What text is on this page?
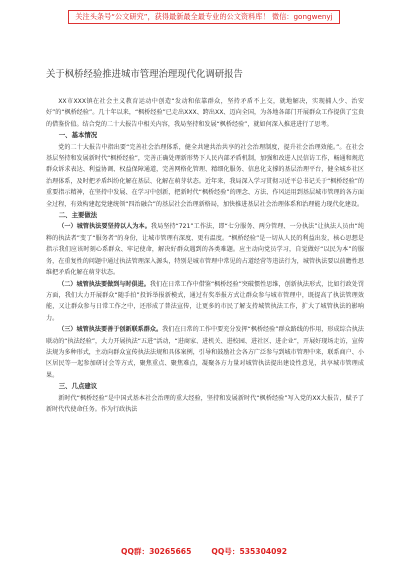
关注头条号“公文研究”，获得最新最全最专业的公文资料库！ 微信：gongwenyj
关于枫桥经验推进城市管理治理现代化调研报告

XX市XXX镇在社会主义教育运动中创造“发动和依靠群众，坚持矛盾不上交，就地解决，实现捕人少、治安好”的“枫桥经验”。几十年以来，“枫桥经验”已走出XXX、跨出XX、迈向全国，为各地各部门开展群众工作提供了宝贵的借鉴价值。结合党的二十大报告中相关内容，我局坚持和发展“枫桥经验”，就如何深入推进进行了思考。

一、基本情况

党的二十大报告中指出要“完善社会治理体系，健全共建共治共享的社会治理制度，提升社会治理效能。”。在社会基层坚持和发展新时代“枫桥经验”，完善正确处理新形势下人民内部矛盾机制，加强和改进人民信访工作，畅通和规范群众诉求表达、利益协调、权益保障通道，完善网格化管理、精细化服务、信息化支撑的基层治理平台，健全城乡社区治理体系，及时把矛盾纠纷化解在基层、化解在萌芽状态。近年来，我局深入学习贯彻习近平总书记关于“枫桥经验”的重要指示精神，在坚持中发展、在学习中创新，把新时代“枫桥经验”的理念、方法、作风运用到基层城市管理的各方面全过程，有效构建起党建统领“四治融合”的基层社会治理新格局，加快推进基层社会治理体系和治理能力现代化建设。

二、主要做法

（一）城管执法要坚持以人为本。我局坚持“721”工作法，即“七分服务、两分管理、一分执法”让执法人员由“纯粹的执法者”变了“服务者”的身份，让城市管理有深度、更有温度。“枫桥经验”是一切从人民的利益出发，核心思想是指示我们应该时刻心系群众、牢记使命，解决好群众遇到的各类难题。应主动向党员学习，自觉做好“以民为本”的服务，在重复性的问题中通过执法管理深入源头，特别是城市管理中常见的占道经营等违法行为，城管执法要以前瞻性思维把矛盾化解在萌芽状态。

（二）城管执法要做到与时俱进。我们在日常工作中借鉴“枫桥经验”突破惯性思维，创新执法形式，比如行政处罚方面，我们大力开展群众“随手拍”投诉举报新模式，通过有奖举报方式让群众参与城市管理中，既提高了执法管理效能，又让群众参与日常工作之中，还形成了普法宣传，让更多的市民了解支持城管执法工作，扩大了城管执法的影响力。

（三）城管执法要善于创新联系群众。我们在日常的工作中要充分发挥“枫桥经验”群众路线的作用，形成综合执法联动的“执法经验”，大力开展执法“五进”活动，“进商家、进机关、进校园、进社区、进企业”，开展好现场走访，宣传法规为多种形式，主动向群众宣传执法法规和具体案例，引导和鼓励社会各方广泛参与到城市管理中来，联系商户、小区居民等一起参加研讨会等方式，聚焦重点、聚焦难点，凝聚各方力量对城管执法提出建设性意见，共享城市管理成果。

三、几点建议

新时代“枫桥经验”是中国式基本社会治理的重大经验，坚持和发展新时代“枫桥经验”写入党的XX大报告，赋予了新时代代使命任务。作为行政执法

QQ群：30265665	QQ号：535304092
